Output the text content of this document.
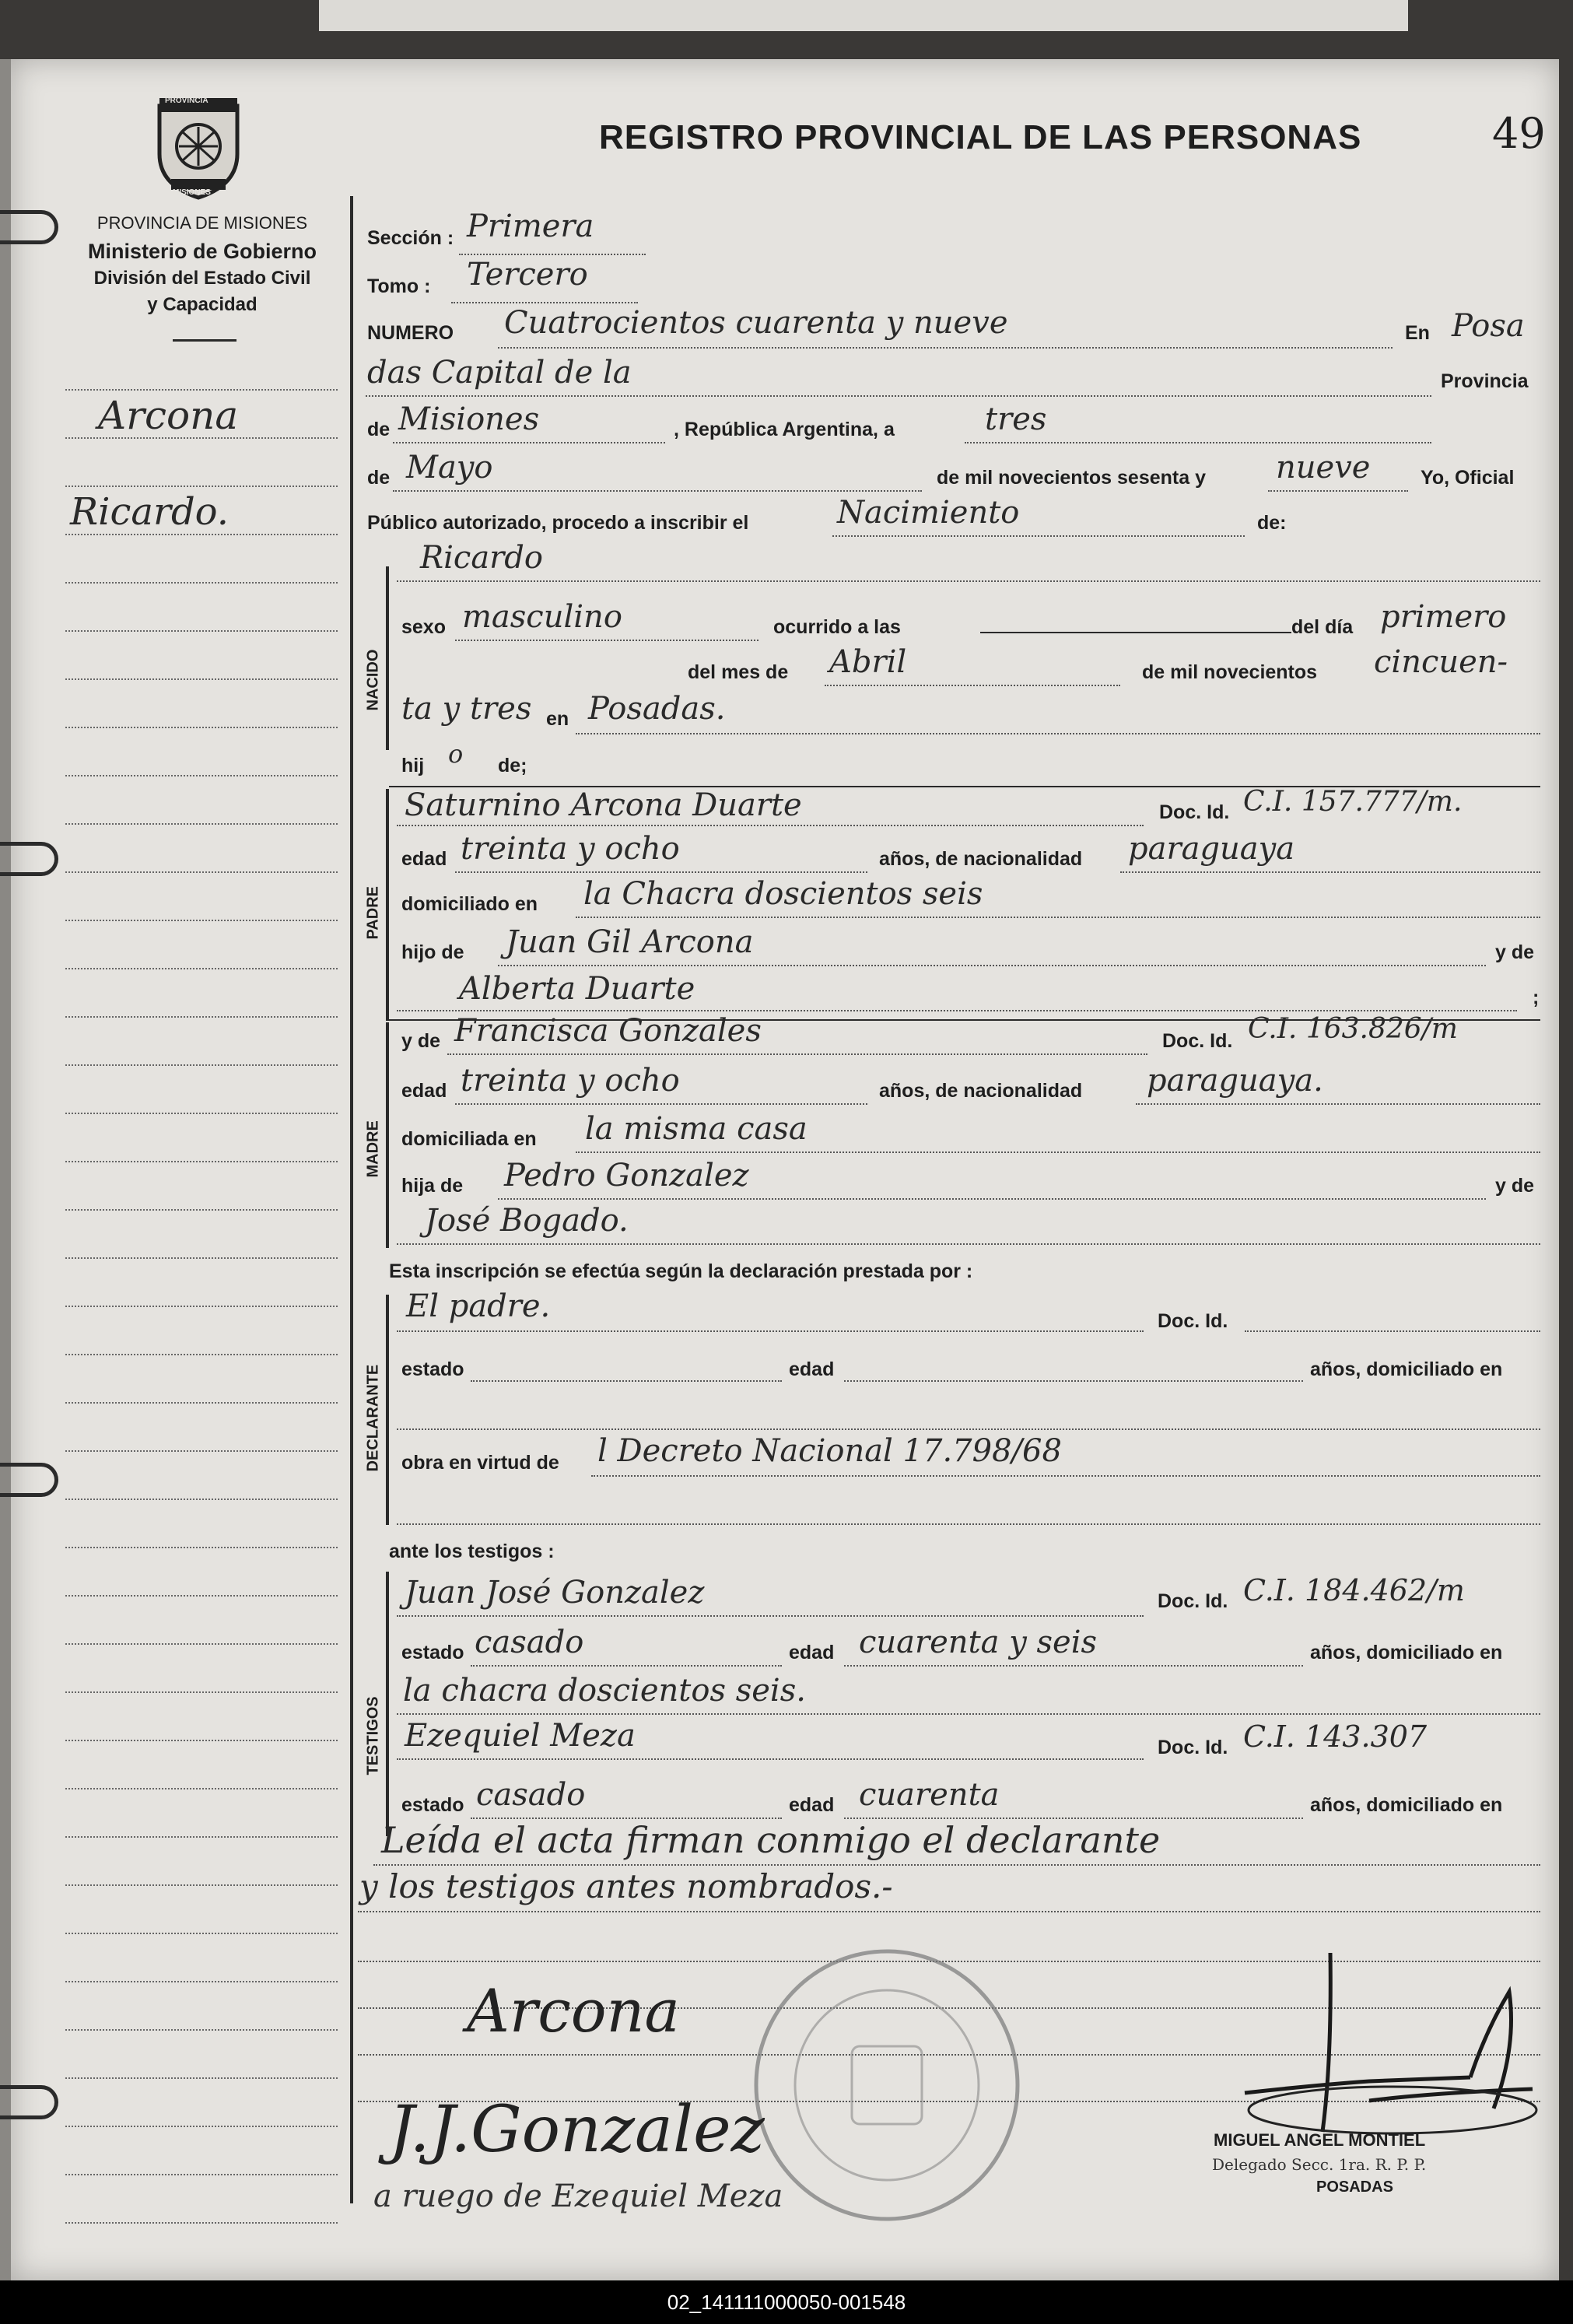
PROVINCIA
MISIONES
PROVINCIA DE MISIONES
Ministerio de Gobierno
División del Estado Civil
y Capacidad
REGISTRO PROVINCIAL DE LAS PERSONAS	49
Arcona
Ricardo.
Sección : Primera
Tomo : Tercero
NUMERO Cuatrocientos cuarenta y nueve	En Posa
das Capital de la	Provincia
de Misiones	, República Argentina, a	tres
de Mayo	de mil novecientos sesenta y nueve	Yo, Oficial
Público autorizado, procedo a inscribir el	Nacimiento	de:
NACIDO
Ricardo
sexo masculino	ocurrido a las	del día primero
del mes de Abril	de mil novecientos cincuen-
ta y tres en Posadas.
hij o de;
PADRE
Saturnino Arcona Duarte	Doc. Id. C.I. 157.777/m.
edad treinta y ocho	años, de nacionalidad paraguaya
domiciliado en la Chacra doscientos seis
hijo de Juan Gil Arcona	y de
Alberta Duarte	;
MADRE
y de Francisca Gonzales	Doc. Id. C.I. 163.826/m
edad treinta y ocho	años, de nacionalidad paraguaya.
domiciliada en la misma casa
hija de Pedro Gonzalez	y de
José Bogado.
Esta inscripción se efectúa según la declaración prestada por :
DECLARANTE
El padre.	Doc. Id.
estado	edad	años, domiciliado en
obra en virtud de l Decreto Nacional 17.798/68
ante los testigos :
TESTIGOS
Juan José Gonzalez	Doc. Id. C.I. 184.462/m
estado casado	edad cuarenta y seis	años, domiciliado en
la chacra doscientos seis.
Ezequiel Meza	Doc. Id. C.I. 143.307
estado casado	edad cuarenta	años, domiciliado en
Leída el acta firman conmigo el declarante
y los testigos antes nombrados.-
Arcona
J.J.Gonzalez
a ruego de Ezequiel Meza
MIGUEL ANGEL MONTIEL
Delegado Secc. 1ra. R. P. P.
POSADAS
02_141111000050-001548
